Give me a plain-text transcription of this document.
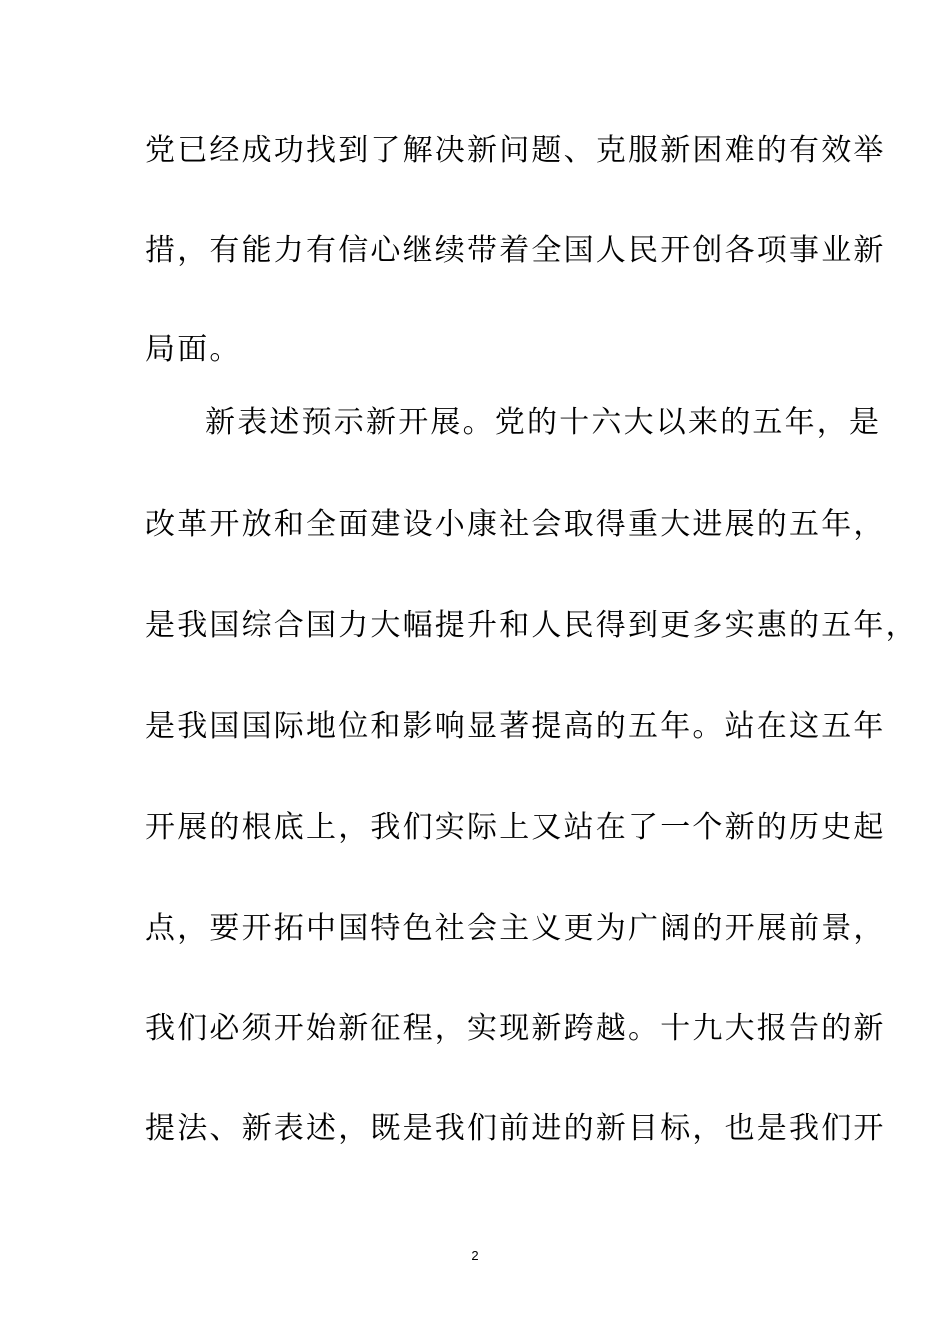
党已经成功找到了解决新问题、克服新困难的有效举
措，有能力有信心继续带着全国人民开创各项事业新
局面。
新表述预示新开展。党的十六大以来的五年，是
改革开放和全面建设小康社会取得重大进展的五年，
是我国综合国力大幅提升和人民得到更多实惠的五年，
是我国国际地位和影响显著提高的五年。站在这五年
开展的根底上，我们实际上又站在了一个新的历史起
点，要开拓中国特色社会主义更为广阔的开展前景，
我们必须开始新征程，实现新跨越。十九大报告的新
提法、新表述，既是我们前进的新目标，也是我们开
2
